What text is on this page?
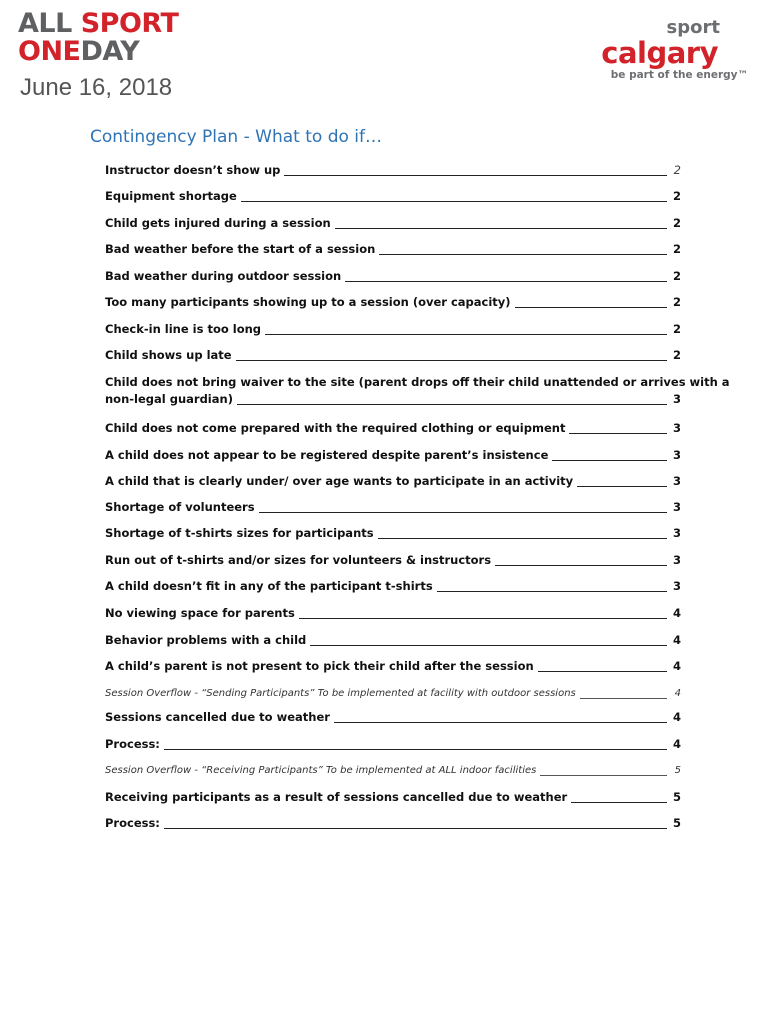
ALL SPORT
ONEDAY
June 16, 2018
sport
calgary
be part of the energy™
Contingency Plan - What to do if…
Instructor doesn’t show up	2
Equipment shortage	2
Child gets injured during a session	2
Bad weather before the start of a session	2
Bad weather during outdoor session	2
Too many participants showing up to a session (over capacity)	2
Check-in line is too long	2
Child shows up late	2
Child does not bring waiver to the site (parent drops off their child unattended or arrives with a
non-legal guardian)	3
Child does not come prepared with the required clothing or equipment	3
A child does not appear to be registered despite parent’s insistence	3
A child that is clearly under/ over age wants to participate in an activity	3
Shortage of volunteers	3
Shortage of t-shirts sizes for participants	3
Run out of t-shirts and/or sizes for volunteers & instructors	3
A child doesn’t fit in any of the participant t-shirts	3
No viewing space for parents	4
Behavior problems with a child	4
A child’s parent is not present to pick their child after the session	4
Session Overflow - “Sending Participants” To be implemented at facility with outdoor sessions	4
Sessions cancelled due to weather	4
Process:	4
Session Overflow - “Receiving Participants” To be implemented at ALL indoor facilities	5
Receiving participants as a result of sessions cancelled due to weather	5
Process:	5
